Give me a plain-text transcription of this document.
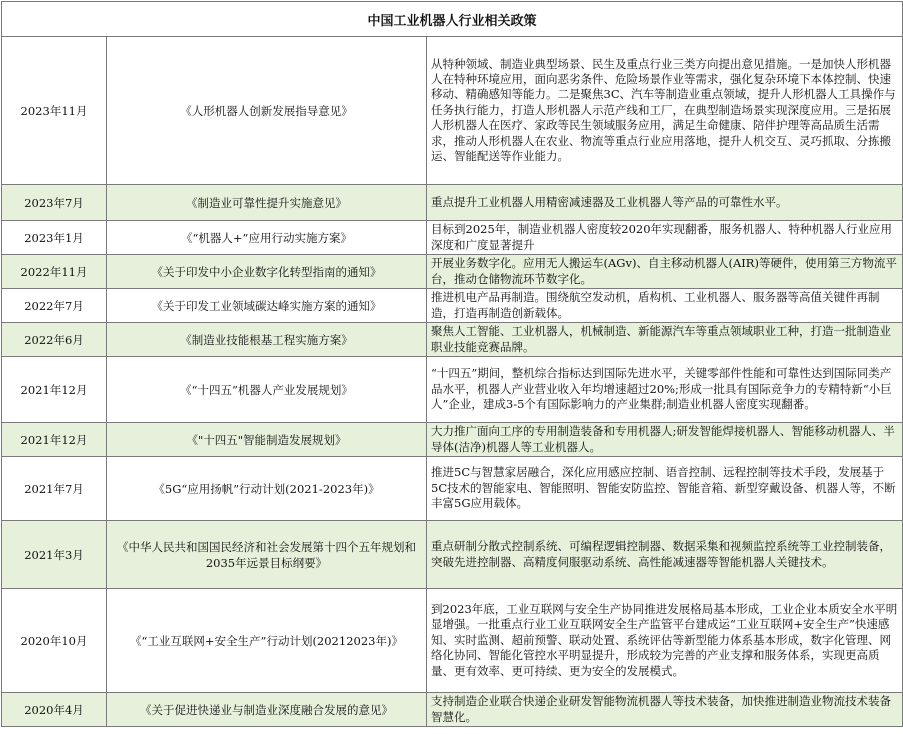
中国工业机器人行业相关政策		
2023年11月	《人形机器人创新发展指导意见》	从特种领域、制造业典型场景、民生及重点行业三类方向提出意见措施。一是加快人形机器人在特种环境应用，面向恶劣条件、危险场景作业等需求，强化复杂环境下本体控制、快速移动、精确感知等能力。二是聚焦3C、汽车等制造业重点领域，提升人形机器人工具操作与任务执行能力，打造人形机器人示范产线和工厂，在典型制造场景实现深度应用。三是拓展人形机器人在医疗、家政等民生领域服务应用，满足生命健康、陪伴护理等高品质生活需求，推动人形机器人在农业、物流等重点行业应用落地，提升人机交互、灵巧抓取、分拣搬运、智能配送等作业能力。
2023年7月	《制造业可靠性提升实施意见》	重点提升工业机器人用精密减速器及工业机器人等产品的可靠性水平。
2023年1月	《“机器人+”应用行动实施方案》	目标到2025年，制造业机器人密度较2020年实现翻番，服务机器人、特种机器人行业应用深度和广度显著提升
2022年11月	《关于印发中小企业数字化转型指南的通知》	开展业务数字化。应用无人搬运车(AGv)、自主移动机器人(AIR)等硬件，使用第三方物流平台，推动仓储物流环节数字化。
2022年7月	《关于印发工业领域碳达峰实施方案的通知》	推进机电产品再制造。围绕航空发动机，盾构机、工业机器人、服务器等高值关键件再制造，打造再制造创新载体。
2022年6月	《制造业技能根基工程实施方案》	聚焦人工智能、工业机器人，机械制造、新能源汽车等重点领域职业工种，打造一批制造业职业技能竞赛品牌。
2021年12月	《“十四五”机器人产业发展规划》	“十四五”期间，整机综合指标达到国际先进水平，关键零部件性能和可靠性达到国际同类产品水平，机器人产业营业收入年均增速超过20%;形成一批具有国际竞争力的专精特新“小巨人”企业，建成3-5个有国际影响力的产业集群;制造业机器人密度实现翻番。
2021年12月	《"十四五"智能制造发展规划》	大力推广面向工序的专用制造装备和专用机器人;研发智能焊接机器人、智能移动机器人、半导体(洁净)机器人等工业机器人。
2021年7月	《5G“应用扬帆”行动计划(2021-2023年)》	推进5C与智慧家居融合，深化应用感应控制、语音控制、远程控制等技术手段，发展基于5C技术的智能家电、智能照明、智能安防监控、智能音箱、新型穿戴设备、机器人等，不断丰富5G应用载体。
2021年3月	《中华人民共和国国民经济和社会发展第十四个五年规划和2035年远景目标纲要》	重点研制分散式控制系统、可编程逻辑控制器、数据采集和视频监控系统等工业控制装备，突破先进控制器、高精度伺服驱动系统、高性能减速器等智能机器人关键技术。
2020年10月	《“工业互联网+安全生产”行动计划(20212023年)》	到2023年底，工业互联网与安全生产协同推进发展格局基本形成，工业企业本质安全水平明显增强。一批重点行业工业互联网安全生产监管平台建成运“工业互联网+安全生产”快速感知、实时监测、超前预警、联动处置、系统评估等新型能力体系基本形成，数字化管理、网络化协同、智能化管控水平明显提升，形成较为完善的产业支撑和服务体系，实现更高质量、更有效率、更可持续、更为安全的发展模式。
2020年4月	《关于促进快递业与制造业深度融合发展的意见》	支持制造企业联合快递企业研发智能物流机器人等技术装备，加快推进制造业物流技术装备智慧化。
